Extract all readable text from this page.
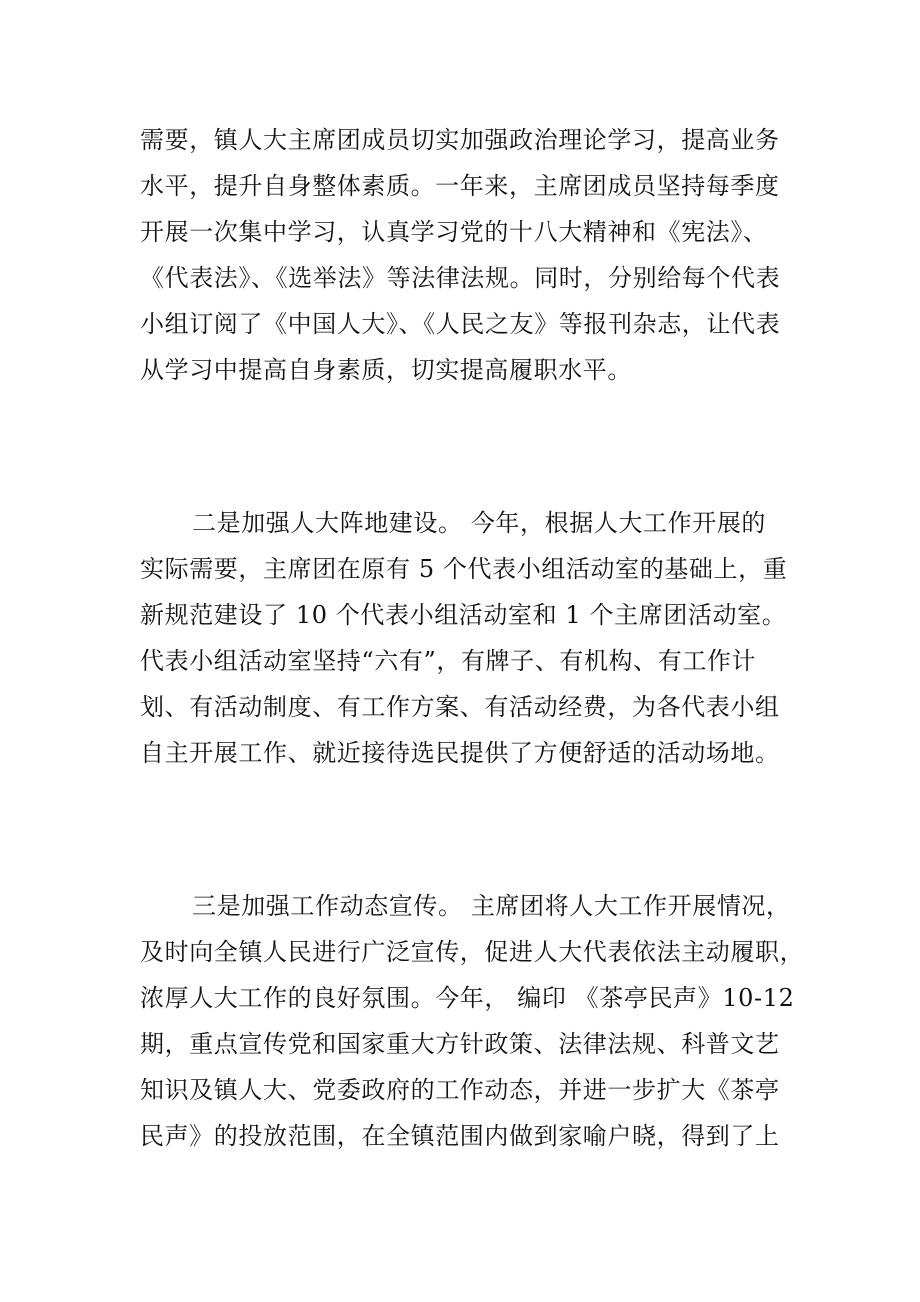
需要，镇人大主席团成员切实加强政治理论学习，提高业务
水平，提升自身整体素质。一年来，主席团成员坚持每季度
开展一次集中学习，认真学习党的十八大精神和《宪法》、
《代表法》、《选举法》等法律法规。同时，分别给每个代表
小组订阅了《中国人大》、《人民之友》等报刊杂志，让代表
从学习中提高自身素质，切实提高履职水平。
二是加强人大阵地建设。 今年，根据人大工作开展的
实际需要，主席团在原有 5 个代表小组活动室的基础上，重
新规范建设了 10 个代表小组活动室和 1 个主席团活动室。
代表小组活动室坚持“六有”，有牌子、有机构、有工作计
划、有活动制度、有工作方案、有活动经费，为各代表小组
自主开展工作、就近接待选民提供了方便舒适的活动场地。
三是加强工作动态宣传。 主席团将人大工作开展情况，
及时向全镇人民进行广泛宣传，促进人大代表依法主动履职，
浓厚人大工作的良好氛围。今年， 编印 《茶亭民声》10-12
期，重点宣传党和国家重大方针政策、法律法规、科普文艺
知识及镇人大、党委政府的工作动态，并进一步扩大《茶亭
民声》的投放范围，在全镇范围内做到家喻户晓，得到了上
